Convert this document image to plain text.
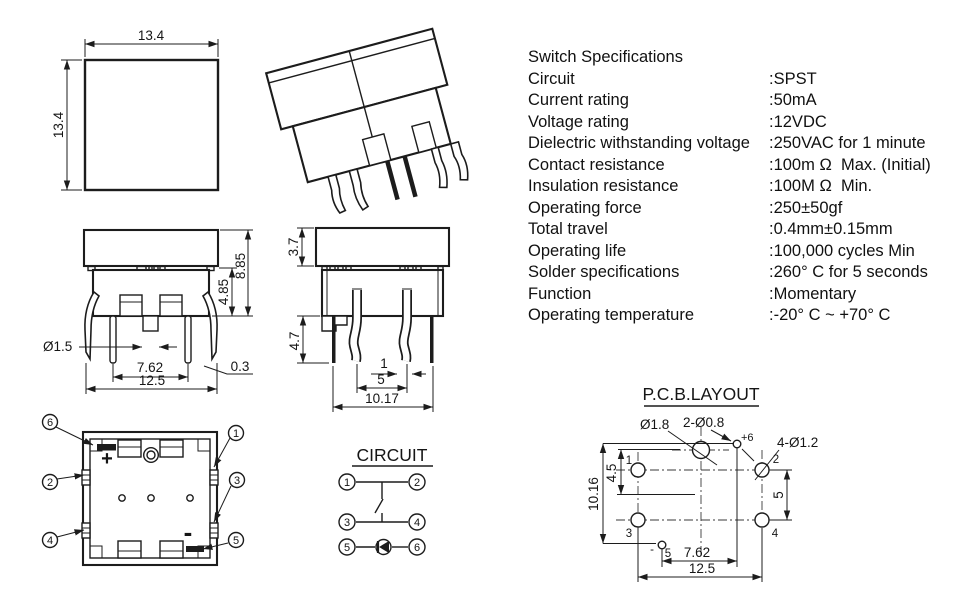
13.4
13.4
8.85
4.85
Ø1.5
7.62
12.5
0.3
3.7
4.7
1
5
10.17
+
-
6
1
2	3
4	5
CIRCUIT
1	2
3	4
5	6
P.C.B.LAYOUT
Ø1.8 2-Ø0.8
+6 4-Ø1.2
1	2
3	4
- 5
10.16
4.5
5
7.62
12.5
Switch Specifications
Circuit	:SPST
Current rating	:50mA
Voltage rating	:12VDC
Dielectric withstanding voltage	:250VAC for 1 minute
Contact resistance	:100m Ω  Max. (Initial)
Insulation resistance	:100M Ω  Min.
Operating force	:250±50gf
Total travel	:0.4mm±0.15mm
Operating life	:100,000 cycles Min
Solder specifications	:260° C for 5 seconds
Function	:Momentary
Operating temperature	:-20° C ~ +70° C
